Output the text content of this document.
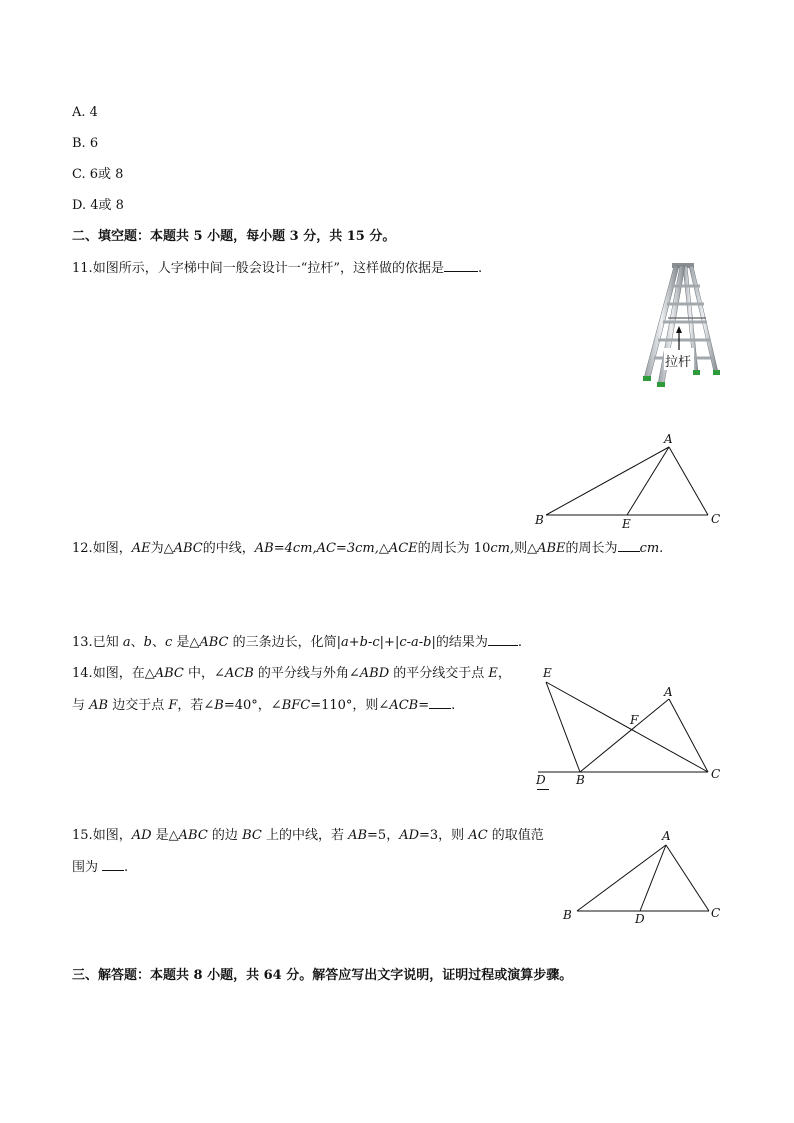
A. 4
B. 6
C. 6或 8
D. 4或 8
二、填空题：本题共 5 小题，每小题 3 分，共 15 分。
11.如图所示，人字梯中间一般会设计一“拉杆”，这样做的依据是	.
拉杆
A
B	C
E
12.如图，AE为△ABC的中线，AB=4cm,AC=3cm,△ACE的周长为 10cm,则△ABE的周长为 cm.
13.已知 a、b、c 是△ABC 的三条边长，化简|a+b-c|+|c-a-b|的结果为 .
14.如图，在△ABC 中，∠ACB 的平分线与外角∠ABD 的平分线交于点 E，
与 AB 边交于点 F，若∠B=40°，∠BFC=110°，则∠ACB= .
E
A
F
D	B	C
15.如图，AD 是△ABC 的边 BC 上的中线，若 AB=5，AD=3，则 AC 的取值范
围为 .
A
B	C
D
三、解答题：本题共 8 小题，共 64 分。解答应写出文字说明，证明过程或演算步骤。
